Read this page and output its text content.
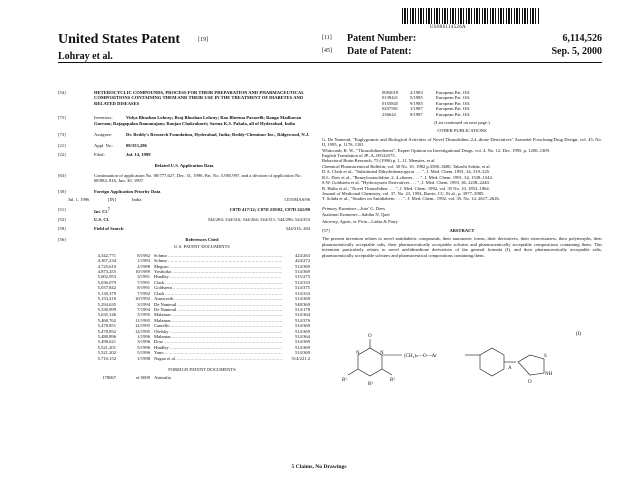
US006114526A
United States Patent	[19]
Lohray et al.
[11] Patent Number:	6,114,526
[45] Date of Patent:	Sep. 5, 2000
[54]	HETEROCYCLIC COMPOUNDS, PROCESS FOR THEIR PREPARATION AND PHARMACEUTICAL COMPOSITIONS CONTAINING THEM AND THEIR USE IN THE TREATMENT OF DIABETES AND RELATED DISEASES
[75]	Inventors:	Vidya Bhushan Lohray; Braj Bhushan Lohray; Rao Bheema Paraselli; Ranga Madhavan Gurram; Rajagopalan Ramanujam; Ranjan Chakrabarti; Sarma K.S. Pakala, all of Hyderabad, India
[73]	Assignee:	Dr. Reddy's Research Foundation, Hyderabad, India; Reddy-Cheminor Inc., Ridgewood, N.J.
[21]	Appl. No.:	09/353,286
[22]	Filed:	Jul. 14, 1999
Related U.S. Application Data
[63]	Continuation of application No. 08/777,627, Dec. 31, 1996, Pat. No. 5,985,997, and a division of application No. 08/884, 816, Jun. 30, 1997.
[30]	Foreign Application Priority Data
Jul. 1, 1996	[IN]	India	1155/MAS/96
[51]	Int. Cl.$^7$	C07D 417/12; C07D 239/02, C07D 241/00
[52]	U.S. Cl.	544/284; 544/316; 544/264; 544/311; 544/296; 544/253
[58]	Field of Search	544/316, 284
[56]	References Cited
U.S. PATENT DOCUMENTS
4,342,771	8/1982 Schnur .....	424/263
4,367,234	1/1983 Schnur .....	424/272
4,725,610	2/1988 Meguro .....	514/369
4,873,255	10/1989 Yoshioka .....	514/369
5,002,953	3/1991 Hindley .....	515/275
5,036,079	7/1991 Clark .....	514/333
5,037,842	8/1991 Goldstein .....	514/375
5,130,379	7/1992 Clark .....	514/333
5,153,210	10/1992 Ainsworth .....	514/369
5,294,635	3/1994 De Nanteuil .....	548/369
5,330,999	7/1994 De Nanteuil .....	514/178
5,635,146	5/1995 Malamas .....	514/364
5,468,762	11/1995 Malamas .....	514/376
5,478,851	12/1995 Cantello .....	514/369
5,478,852	12/1995 Olefsky .....	514/369
5,480,896	1/1996 Malamas .....	514/364
5,498,621	3/1996 Dow .....	514/369
5,521,201	5/1996 Hindley .....	514/369
5,521,202	5/1996 Yano .....	514/369
5,710,152	1/1998 Nagao et al. .....	514/221.2
FOREIGN PATENT DOCUMENTS
178067	of 0000 Australia
0082018	2/1983	European Pat. Off.
0139421	5/1985	European Pat. Off.
0155845	9/1985	European Pat. Off.
0207581	1/1987	European Pat. Off.
236624	9/1987	European Pat. Off.
(List continued on next page.)
OTHER PUBLICATIONS
G. De Nanteuil, "Euglygcamic and Biological Activities of Novel Thiazolidine–2,4–dione Derivatives" Arzneitel Forschung/Drug Design, vol. 45, No. II, 1995, p. 1176–1181.
Whitcomb, R. W., "Thiazolidinediones", Expert Opinion on Investigational Drugs, vol. 4, No. 12, Dec. 1995, p. 1200–1309.
English Translation of JP–A–09124575.
Behavioral Brain Research, 75 (1996) p. 1–11, Mensiez, et al.
Chemical Pharmaceutical Bulletin, vol. 30 No. 10, 1982 p.3580–3600, Takashi Sohda, et al.
D.A. Clark et al., "Substituted Dihydrobenzopyrar . . . ", J. Med. Chem. 1991, 34, 319–325.
R.L. Dow et al., "Benzyloxazolidine–2, 4–diones . . . ", J. Med. Chem. 1991, 34, 1538–1544.
S.W. Goldstein et al. "Hydroxyurea Derivatives . . . ", J. Med. Chem. 1993, 36, 2238–2240.
B. Hulin et al., "Novel Thiazolidine . . . ", J. Med. Chem. 1992, vol. 35 No. 10, 1853–1864.
Journal of Medicinal Chemistry, vol. 37, No. 23, 1994, Barrie, CC. Et al., p. 3977–3985.
T. Sohda et al., "Studies on Antidiabetic . . . ", J. Med. Chem., 1992, vol. 35, No. 14, 2617–2626.
Primary Examiner— Jose' G. Dees
Assistant Examiner— Sabiha N. Qazi
Attorney, Agent, or Firm— Ladas & Parry
[57]	ABSTRACT
The present invention relates to novel antidiabetic compounds, their tautomeric forms, their derivatives, their stereoisomers, their polymorphs, their pharmaceutically acceptable salts, their pharmaceutically acceptable solvates and pharmaceutically acceptable compositions containing them. This invention particularly relates to novel azolidinedione derivatives of the general formula (I), and their pharmaceutically acceptable salts, pharmaceutically acceptable solvates and pharmaceutical compositions containing them.
(I)
(CH₂)ₙ—O—Ar
N
N
O
S
NH
O
R¹	R²
R³
A
5 Claims, No Drawings
